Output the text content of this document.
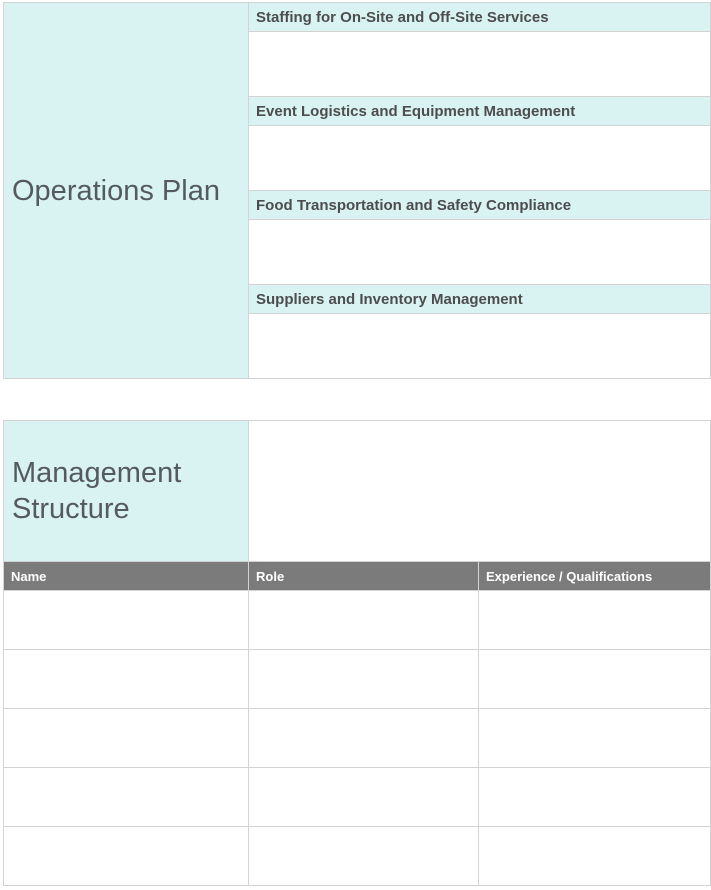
Operations Plan	Staffing for On-Site and Off-Site Services

Event Logistics and Equipment Management

Food Transportation and Safety Compliance

Suppliers and Inventory Management

Management
Structure		

Name	Role	Experience / Qualifications
